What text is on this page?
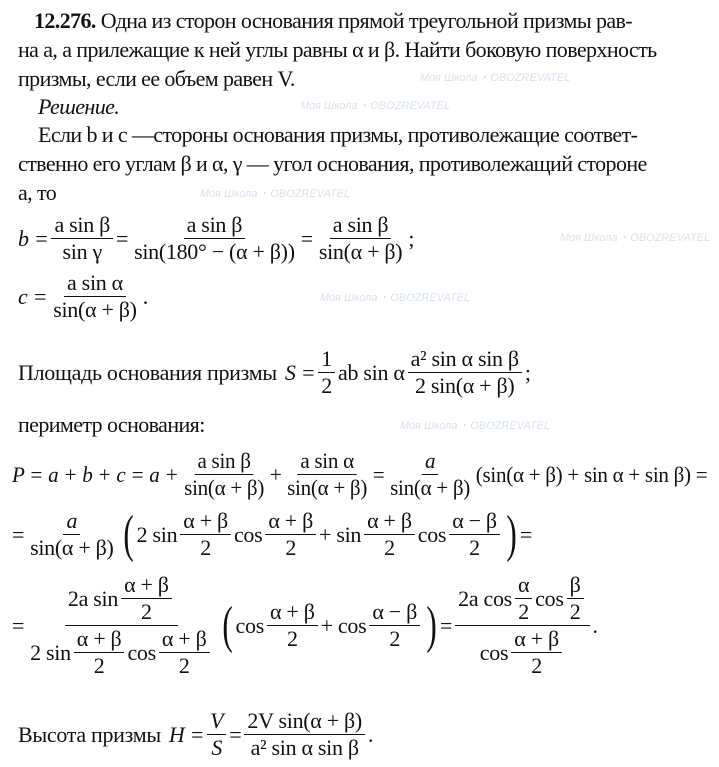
Моя Школа ◔ OBOZREVATEL
Моя Школа ◔ OBOZREVATEL
Моя Школа ◔ OBOZREVATEL
Моя Школа ◔ OBOZREVATEL
Моя Школа ◔ OBOZREVATEL
Моя Школа ◔ OBOZREVATEL
12.276. Одна из сторон основания прямой треугольной призмы рав-
на a, а прилежащие к ней углы равны α и β. Найти боковую поверхность
призмы, если ее объем равен V.
Решение.
Если b и c —стороны основания призмы, противолежащие соответ-
ственно его углам β и α, γ — угол основания, противолежащий стороне
a, то
$b = \frac{\text{a sin β}}{\text{sin γ}} = \frac{\text{a sin β}}{\sin(180^\circ - (\alpha + \beta))} = \frac{\text{a sin β}}{\sin(\alpha + \beta)}$ ;
$c = \frac{\text{a sin α}}{\sin(\alpha + \beta)}$ .
Площадь основания призмы $S = \frac{1}{2}$ ab sin α $\frac{\text{a² sin α sin β}}{2 \sin(\alpha + \beta)}$ ;
периметр основания:
$P = a + b + c = a + \frac{\text{a sin β}}{\sin(\alpha + \beta)} + \frac{\text{a sin α}}{\sin(\alpha + \beta)} = \frac{a}{\sin(\alpha + \beta)} (\sin(\alpha + \beta) + \sin \alpha + \sin \beta)$ =
= $\frac{a}{\sin(\alpha + \beta)}$ ( 2 $\sin \frac{\alpha + \beta}{2}$ $\cos \frac{\alpha + \beta}{2} + \sin \frac{\alpha + \beta}{2}$ $\cos \frac{\alpha - \beta}{2}$ ) =
= $\frac{2a \sin \frac{\alpha + \beta}{2}}{2 \sin \frac{\alpha + \beta}{2} \cos \frac{\alpha + \beta}{2}}$ ( $\cos \frac{\alpha + \beta}{2} + \cos \frac{\alpha - \beta}{2}$ ) = $\frac{2a \cos \frac{\alpha}{2} \cos \frac{\beta}{2}}{\cos \frac{\alpha + \beta}{2}}$ .
Высота призмы $H = \frac{V}{S} = \frac{\text{2V sin(α + β)}}{\text{a² sin α sin β}}$ .
